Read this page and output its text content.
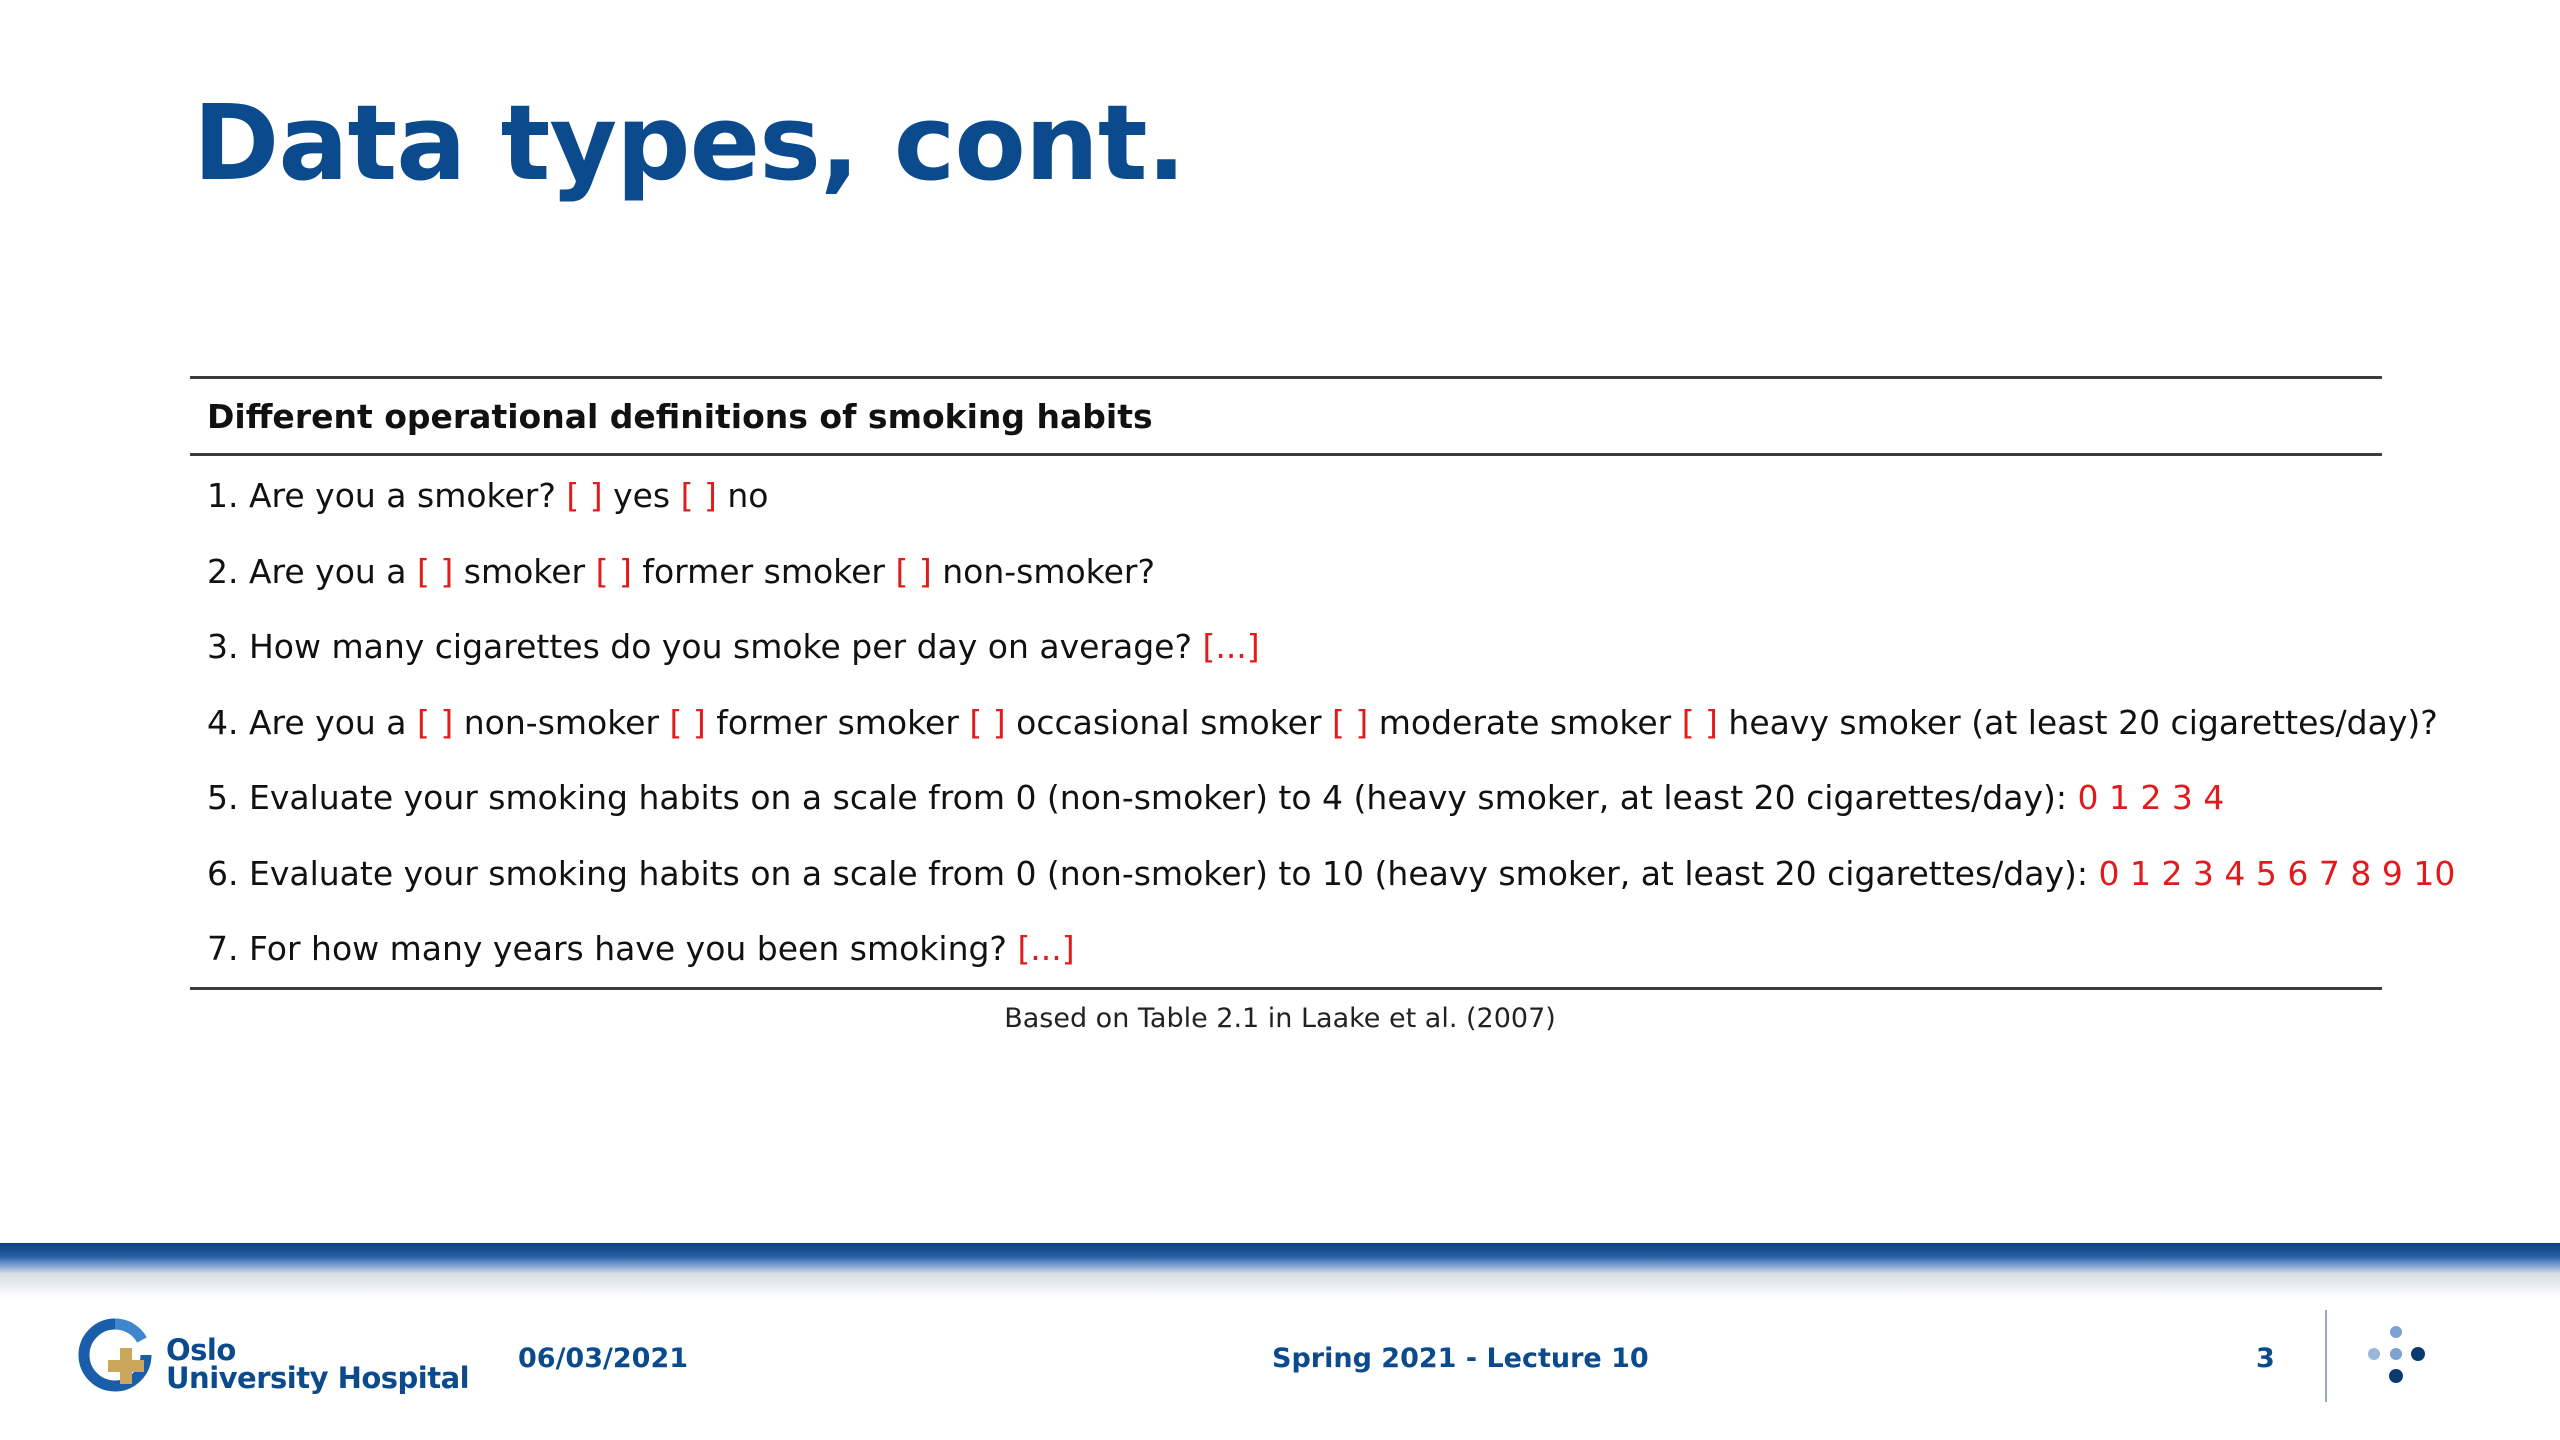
Data types, cont.
Different operational definitions of smoking habits
1. Are you a smoker? [ ] yes [ ] no
2. Are you a [ ] smoker [ ] former smoker [ ] non-smoker?
3. How many cigarettes do you smoke per day on average? [...]
4. Are you a [ ] non-smoker [ ] former smoker [ ] occasional smoker [ ] moderate smoker [ ] heavy smoker (at least 20 cigarettes/day)?
5. Evaluate your smoking habits on a scale from 0 (non-smoker) to 4 (heavy smoker, at least 20 cigarettes/day): 0 1 2 3 4
6. Evaluate your smoking habits on a scale from 0 (non-smoker) to 10 (heavy smoker, at least 20 cigarettes/day): 0 1 2 3 4 5 6 7 8 9 10
7. For how many years have you been smoking? [...]
Based on Table 2.1 in Laake et al. (2007)
Oslo
University Hospital
06/03/2021	Spring 2021 - Lecture 10	3
